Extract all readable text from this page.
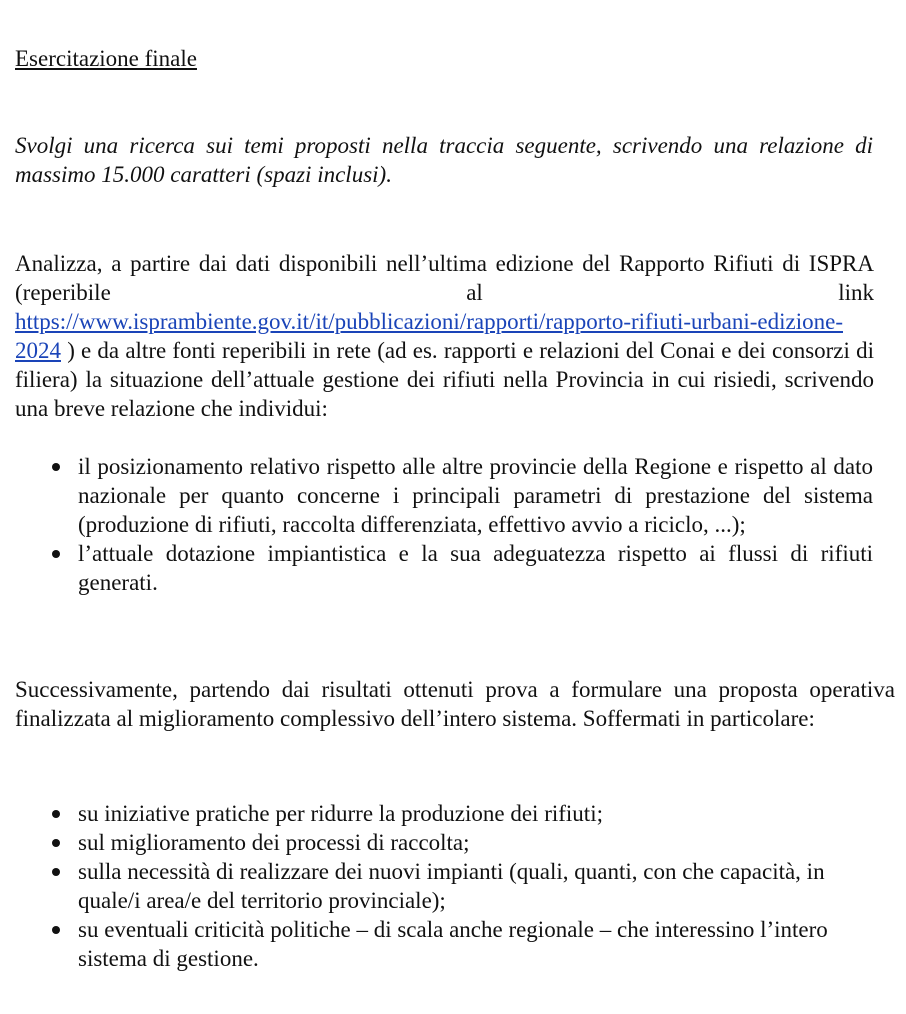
Esercitazione finale
Svolgi una ricerca sui temi proposti nella traccia seguente, scrivendo una relazione di massimo 15.000 caratteri (spazi inclusi).
Analizza, a partire dai dati disponibili nell’ultima edizione del Rapporto Rifiuti di ISPRA (reperibile al link
https://www.isprambiente.gov.it/it/pubblicazioni/rapporti/rapporto-rifiuti-urbani-edizione-2024 ) e da altre fonti reperibili in rete (ad es. rapporti e relazioni del Conai e dei consorzi di filiera) la situazione dell’attuale gestione dei rifiuti nella Provincia in cui risiedi, scrivendo una breve relazione che individui:
il posizionamento relativo rispetto alle altre provincie della Regione e rispetto al dato nazionale per quanto concerne i principali parametri di prestazione del sistema (produzione di rifiuti, raccolta differenziata, effettivo avvio a riciclo, ...);
l’attuale dotazione impiantistica e la sua adeguatezza rispetto ai flussi di rifiuti generati.
Successivamente, partendo dai risultati ottenuti prova a formulare una proposta operativa finalizzata al miglioramento complessivo dell’intero sistema. Soffermati in particolare:
su iniziative pratiche per ridurre la produzione dei rifiuti;
sul miglioramento dei processi di raccolta;
sulla necessità di realizzare dei nuovi impianti (quali, quanti, con che capacità, in quale/i area/e del territorio provinciale);
su eventuali criticità politiche – di scala anche regionale – che interessino l’intero sistema di gestione.
